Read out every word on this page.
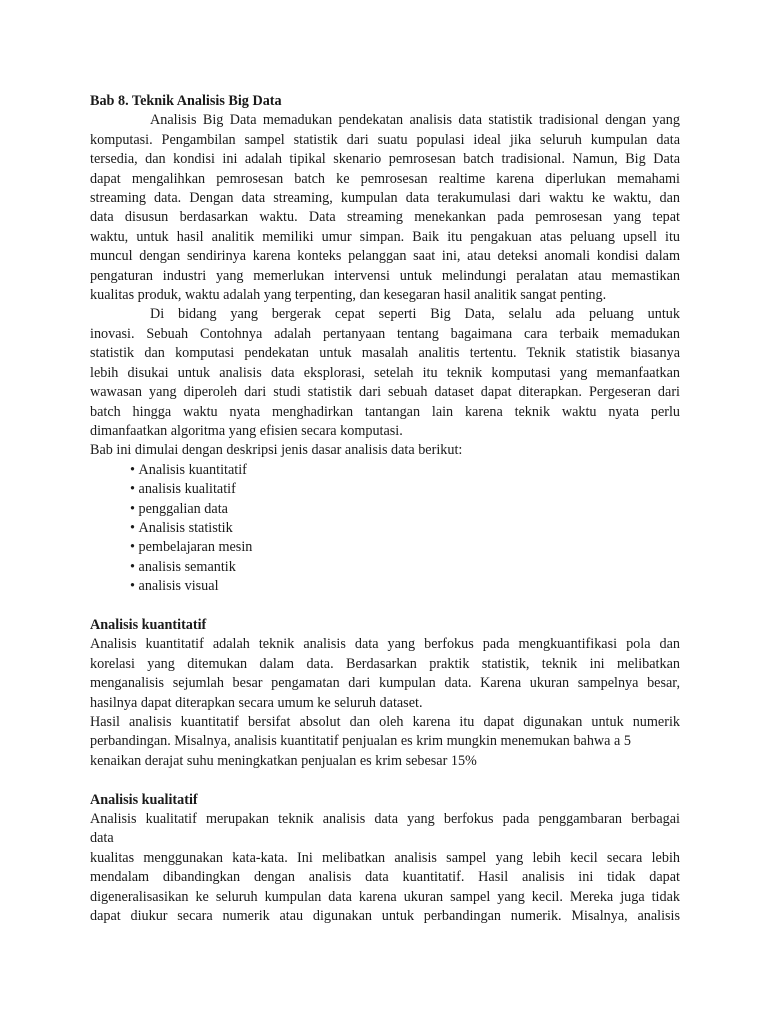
Bab 8. Teknik Analisis Big Data

Analisis Big Data memadukan pendekatan analisis data statistik tradisional dengan yang

komputasi. Pengambilan sampel statistik dari suatu populasi ideal jika seluruh kumpulan data

tersedia, dan kondisi ini adalah tipikal skenario pemrosesan batch tradisional. Namun, Big Data

dapat mengalihkan pemrosesan batch ke pemrosesan realtime karena diperlukan memahami

streaming data. Dengan data streaming, kumpulan data terakumulasi dari waktu ke waktu, dan

data disusun berdasarkan waktu. Data streaming menekankan pada pemrosesan yang tepat

waktu, untuk hasil analitik memiliki umur simpan. Baik itu pengakuan atas peluang upsell itu

muncul dengan sendirinya karena konteks pelanggan saat ini, atau deteksi anomali kondisi dalam

pengaturan industri yang memerlukan intervensi untuk melindungi peralatan atau memastikan

kualitas produk, waktu adalah yang terpenting, dan kesegaran hasil analitik sangat penting.

Di bidang yang bergerak cepat seperti Big Data, selalu ada peluang untuk

inovasi. Sebuah Contohnya adalah pertanyaan tentang bagaimana cara terbaik memadukan

statistik dan komputasi pendekatan untuk masalah analitis tertentu. Teknik statistik biasanya

lebih disukai untuk analisis data eksplorasi, setelah itu teknik komputasi yang memanfaatkan

wawasan yang diperoleh dari studi statistik dari sebuah dataset dapat diterapkan. Pergeseran dari

batch hingga waktu nyata menghadirkan tantangan lain karena teknik waktu nyata perlu

dimanfaatkan algoritma yang efisien secara komputasi.

Bab ini dimulai dengan deskripsi jenis dasar analisis data berikut:

• Analisis kuantitatif
• analisis kualitatif
• penggalian data
• Analisis statistik
• pembelajaran mesin
• analisis semantik
• analisis visual

Analisis kuantitatif

Analisis kuantitatif adalah teknik analisis data yang berfokus pada mengkuantifikasi pola dan

korelasi yang ditemukan dalam data. Berdasarkan praktik statistik, teknik ini melibatkan

menganalisis sejumlah besar pengamatan dari kumpulan data. Karena ukuran sampelnya besar,

hasilnya dapat diterapkan secara umum ke seluruh dataset.

Hasil analisis kuantitatif bersifat absolut dan oleh karena itu dapat digunakan untuk numerik

perbandingan. Misalnya, analisis kuantitatif penjualan es krim mungkin menemukan bahwa a 5

kenaikan derajat suhu meningkatkan penjualan es krim sebesar 15%

Analisis kualitatif

Analisis kualitatif merupakan teknik analisis data yang berfokus pada penggambaran berbagai

data

kualitas menggunakan kata-kata. Ini melibatkan analisis sampel yang lebih kecil secara lebih

mendalam dibandingkan dengan analisis data kuantitatif. Hasil analisis ini tidak dapat

digeneralisasikan ke seluruh kumpulan data karena ukuran sampel yang kecil. Mereka juga tidak

dapat diukur secara numerik atau digunakan untuk perbandingan numerik. Misalnya, analisis
